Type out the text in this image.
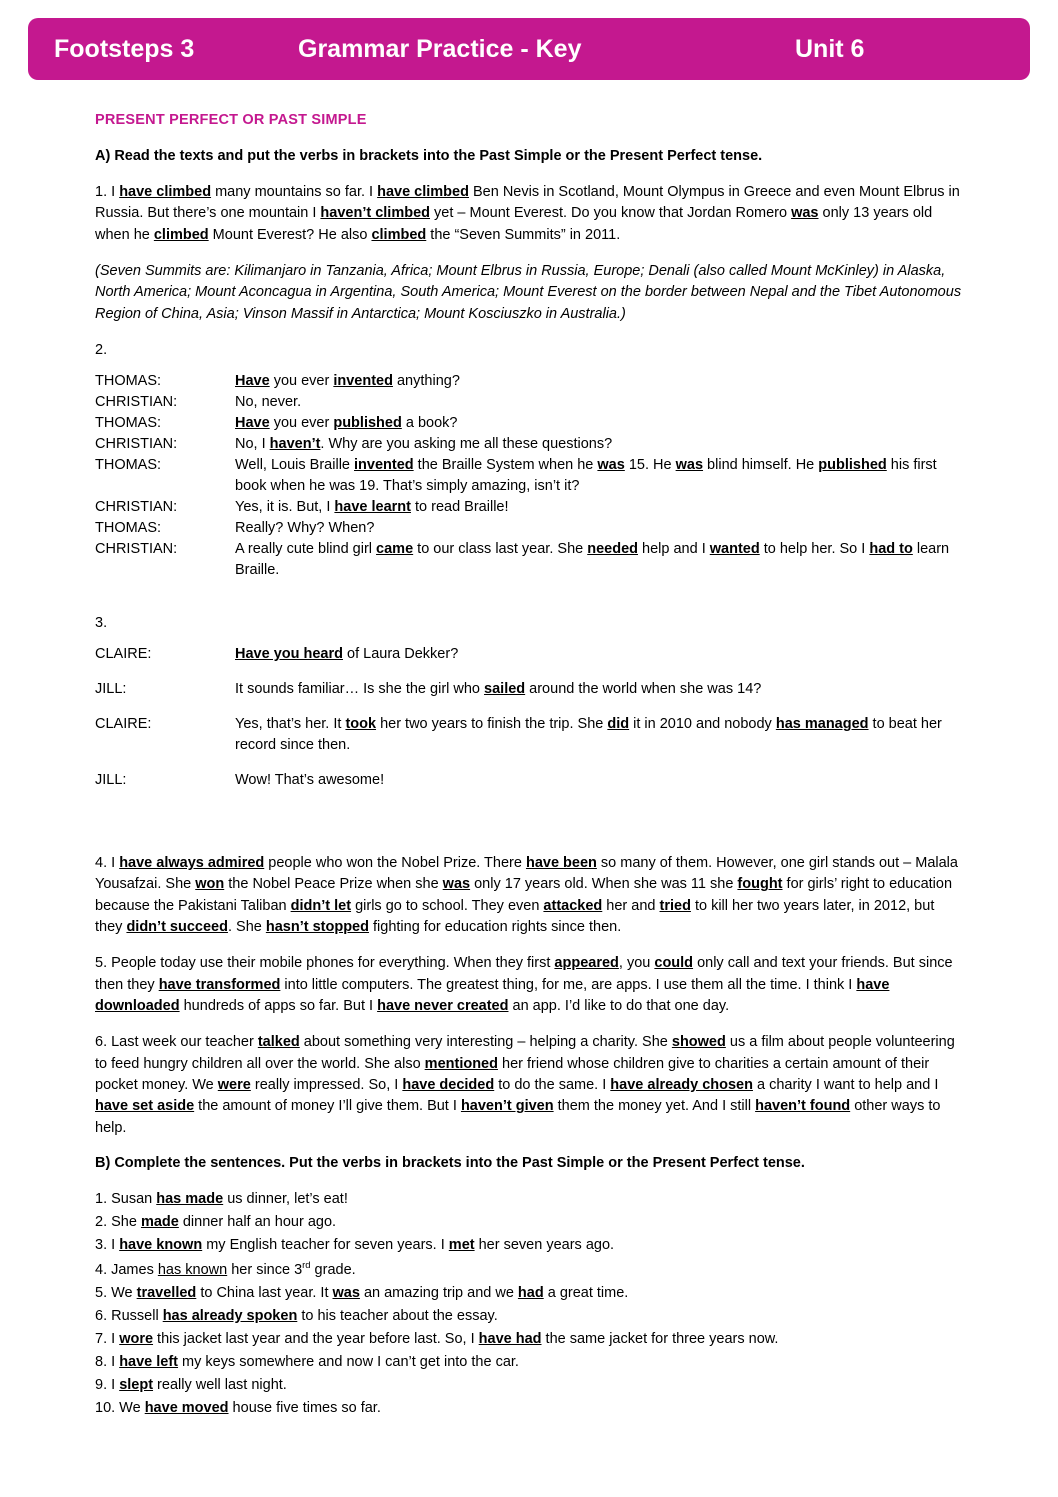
Footsteps 3	Grammar Practice - Key	Unit 6
PRESENT PERFECT OR PAST SIMPLE
A) Read the texts and put the verbs in brackets into the Past Simple or the Present Perfect tense.

1. I have climbed many mountains so far. I have climbed Ben Nevis in Scotland, Mount Olympus in Greece and even Mount Elbrus in Russia. But there’s one mountain I haven’t climbed yet – Mount Everest. Do you know that Jordan Romero was only 13 years old when he climbed Mount Everest? He also climbed the “Seven Summits” in 2011.

(Seven Summits are: Kilimanjaro in Tanzania, Africa; Mount Elbrus in Russia, Europe; Denali (also called Mount McKinley) in Alaska, North America; Mount Aconcagua in Argentina, South America; Mount Everest on the border between Nepal and the Tibet Autonomous Region of China, Asia; Vinson Massif in Antarctica; Mount Kosciuszko in Australia.)

2.
THOMAS:	Have you ever invented anything?
CHRISTIAN:	No, never.
THOMAS:	Have you ever published a book?
CHRISTIAN:	No, I haven’t. Why are you asking me all these questions?
THOMAS:	Well, Louis Braille invented the Braille System when he was 15. He was blind himself. He published his first book when he was 19. That’s simply amazing, isn’t it?
CHRISTIAN:	Yes, it is. But, I have learnt to read Braille!
THOMAS:	Really? Why? When?
CHRISTIAN:	A really cute blind girl came to our class last year. She needed help and I wanted to help her. So I had to learn Braille.
3.
CLAIRE:	Have you heard of Laura Dekker?
JILL:	It sounds familiar… Is she the girl who sailed around the world when she was 14?
CLAIRE:	Yes, that’s her. It took her two years to finish the trip. She did it in 2010 and nobody has managed to beat her record since then.
JILL:	Wow! That’s awesome!

4. I have always admired people who won the Nobel Prize. There have been so many of them. However, one girl stands out – Malala Yousafzai. She won the Nobel Peace Prize when she was only 17 years old. When she was 11 she fought for girls’ right to education because the Pakistani Taliban didn’t let girls go to school. They even attacked her and tried to kill her two years later, in 2012, but they didn’t succeed. She hasn’t stopped fighting for education rights since then.

5. People today use their mobile phones for everything. When they first appeared, you could only call and text your friends. But since then they have transformed into little computers. The greatest thing, for me, are apps. I use them all the time. I think I have downloaded hundreds of apps so far. But I have never created an app. I’d like to do that one day.

6. Last week our teacher talked about something very interesting – helping a charity. She showed us a film about people volunteering to feed hungry children all over the world. She also mentioned her friend whose children give to charities a certain amount of their pocket money. We were really impressed. So, I have decided to do the same. I have already chosen a charity I want to help and I have set aside the amount of money I’ll give them. But I haven’t given them the money yet. And I still haven’t found other ways to help.

B) Complete the sentences. Put the verbs in brackets into the Past Simple or the Present Perfect tense.
1. Susan has made us dinner, let’s eat!
2. She made dinner half an hour ago.
3. I have known my English teacher for seven years. I met her seven years ago.
4. James has known her since 3rd grade.
5. We travelled to China last year. It was an amazing trip and we had a great time.
6. Russell has already spoken to his teacher about the essay.
7. I wore this jacket last year and the year before last. So, I have had the same jacket for three years now.
8. I have left my keys somewhere and now I can’t get into the car.
9. I slept really well last night.
10. We have moved house five times so far.
